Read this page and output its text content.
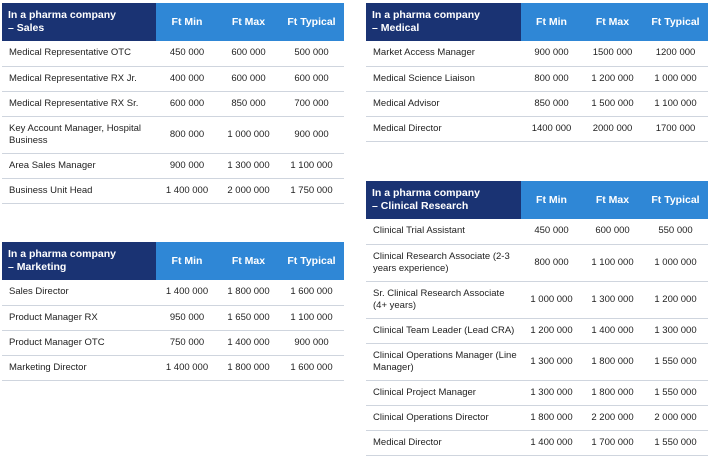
In a pharma company
– Sales	Ft Min	Ft Max	Ft Typical
Medical Representative OTC	450 000	600 000	500 000
Medical Representative RX Jr.	400 000	600 000	600 000
Medical Representative RX Sr.	600 000	850 000	700 000
Key Account Manager, Hospital Business	800 000	1 000 000	900 000
Area Sales Manager	900 000	1 300 000	1 100 000
Business Unit Head	1 400 000	2 000 000	1 750 000
In a pharma company
– Marketing	Ft Min	Ft Max	Ft Typical
Sales Director	1 400 000	1 800 000	1 600 000
Product Manager RX	950 000	1 650 000	1 100 000
Product Manager OTC	750 000	1 400 000	900 000
Marketing Director	1 400 000	1 800 000	1 600 000
In a pharma company
– Medical	Ft Min	Ft Max	Ft Typical
Market Access Manager	900 000	1500 000	1200 000
Medical Science Liaison	800 000	1 200 000	1 000 000
Medical Advisor	850 000	1 500 000	1 100 000
Medical Director	1400 000	2000 000	1700 000
In a pharma company
– Clinical Research	Ft Min	Ft Max	Ft Typical
Clinical Trial Assistant	450 000	600 000	550 000
Clinical Research Associate (2-3 years experience)	800 000	1 100 000	1 000 000
Sr. Clinical Research Associate (4+ years)	1 000 000	1 300 000	1 200 000
Clinical Team Leader (Lead CRA)	1 200 000	1 400 000	1 300 000
Clinical Operations Manager (Line Manager)	1 300 000	1 800 000	1 550 000
Clinical Project Manager	1 300 000	1 800 000	1 550 000
Clinical Operations Director	1 800 000	2 200 000	2 000 000
Medical Director	1 400 000	1 700 000	1 550 000
